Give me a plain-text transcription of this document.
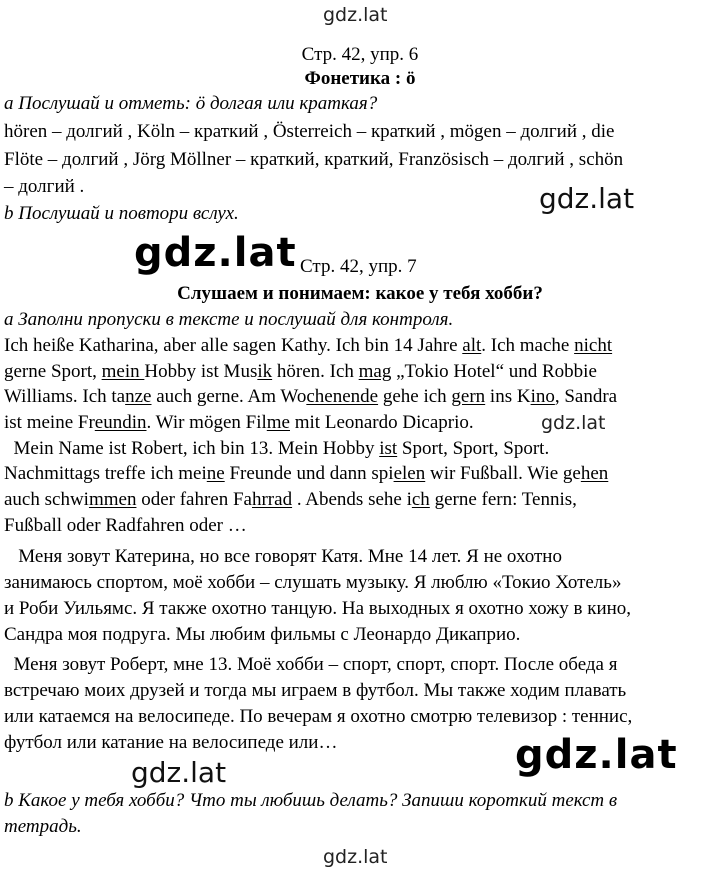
gdz.lat
gdz.lat
gdz.lat
gdz.lat
gdz.lat	gdz.lat
gdz.lat
Стр. 42, упр. 6
Фонетика : ö
a Послушай и отметь: ö долгая или краткая?
hören – долгий , Köln – краткий , Österreich – краткий , mögen – долгий , die
Flöte – долгий , Jörg Möllner – краткий, краткий, Französisch – долгий , schön
– долгий .
b Послушай и повтори вслух.
Стр. 42, упр. 7
Слушаем и понимаем: какое у тебя хобби?
a Заполни пропуски в тексте и послушай для контроля.
Ich heiße Katharina, aber alle sagen Kathy. Ich bin 14 Jahre alt. Ich mache nicht
gerne Sport, mein Hobby ist Musik hören. Ich mag „Tokio Hotel“ und Robbie
Williams. Ich tanze auch gerne. Am Wochenende gehe ich gern ins Kino, Sandra
ist meine Freundin. Wir mögen Filme mit Leonardo Dicaprio.
Mein Name ist Robert, ich bin 13. Mein Hobby ist Sport, Sport, Sport.
Nachmittags treffe ich meine Freunde und dann spielen wir Fußball. Wie gehen
auch schwimmen oder fahren Fahrrad . Abends sehe ich gerne fern: Tennis,
Fußball oder Radfahren oder …
Меня зовут Катерина, но все говорят Катя. Мне 14 лет. Я не охотно
занимаюсь спортом, моё хобби – слушать музыку. Я люблю «Токио Хотель»
и Роби Уильямс. Я также охотно танцую. На выходных я охотно хожу в кино,
Сандра моя подруга. Мы любим фильмы с Леонардо Дикаприо.
Меня зовут Роберт, мне 13. Моё хобби – спорт, спорт, спорт. После обеда я
встречаю моих друзей и тогда мы играем в футбол. Мы также ходим плавать
или катаемся на велосипеде. По вечерам я охотно смотрю телевизор : теннис,
футбол или катание на велосипеде или…
b Какое у тебя хобби? Что ты любишь делать? Запиши короткий текст в
тетрадь.
